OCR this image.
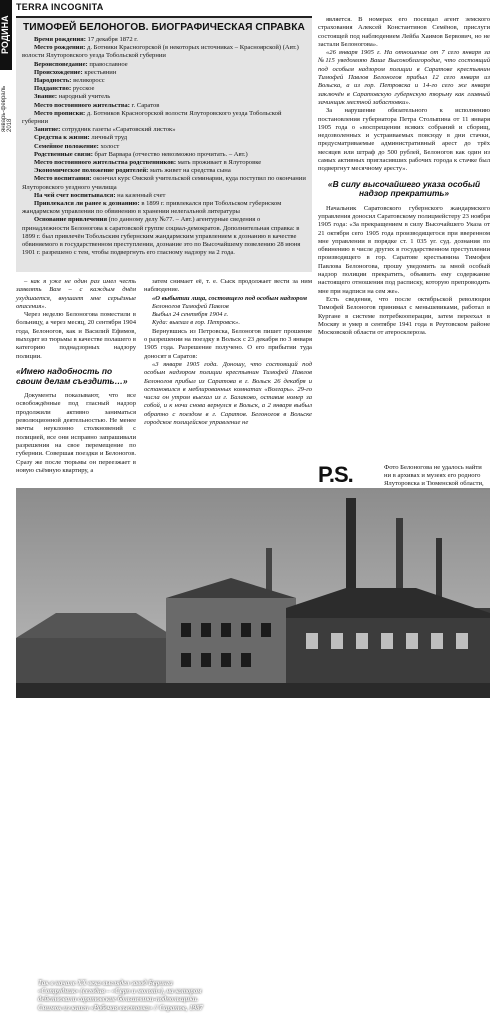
РОДИНА
январь-февраль 2018
TERRA INCOGNITA
ТИМОФЕЙ БЕЛОНОГОВ. БИОГРАФИЧЕСКАЯ СПРАВКА

Время рождения: 17 декабря 1872 г.

Место рождения: д. Ботники Красногорской (в некоторых источниках – Красноярской) (Авт.) волости Ялуторовского уезда Тобольской губернии

Вероисповедание: православное

Происхождение: крестьянин

Народность: великоросс

Подданство: русское

Звание: народный учитель

Место постоянного жительства: г. Саратов

Место прописки: д. Ботников Красногорской волости Ялуторовского уезда Тобольской губернии

Занятие: сотрудник газеты «Саратовский листок»

Средства к жизни: личный труд

Семейное положение: холост

Родственные связи: брат Варвара (отчество невозможно прочитать. – Авт.)

Место постоянного жительства родственников: мать проживает в Ялуторовке

Экономическое положение родителей: мать живет на средства сына

Место воспитания: окончил курс Омской учительской семинарии, куда поступил по окончании Ялуторовского уездного училища

На чей счет воспитывался: на казенный счет

Привлекался ли ранее к дознанию: в 1899 г. привлекался при Тобольском губернском жандармском управлении по обвинению в хранении нелегальной литературы

Основание привлечения (по данному делу №77. – Авт.) агентурные сведения о принадлежности Белоногова к саратовской группе социал-демократов. Дополнительная справка: в 1899 г. был привлечён Тобольским губернским жандармским управлением к дознанию в качестве обвиняемого в государственном преступлении, дознание это по Высочайшему повелению 28 июня 1901 г. разрешено с тем, чтобы подвергнуть его гласному надзору на 2 года.

является. В номерах его посещал агент земского страхования Алексей Константинов Семёнов, прислуги состоящей под наблюдением Лейба Хаимов Бервович, но не застали Белоногова».

«26 января 1905 г. На отношение от 7 сего января за №115 уведомляю Ваше Высокоблагородие, что состоящий под особым надзором полиции в Саратове крестьянин Тимофей Павлов Белоногов прибыл 12 сего января из Вольска, а из гор. Петровска и 14-го сего же января заключён в Саратовскую губернскую тюрьму как главный зачинщик местной забастовки».

За нарушение обязательного к исполнению постановления губернатора Петра Столыпина от 11 января 1905 года о «воспрещении всяких собраний и сборищ, недозволенных и устраиваемых повсюду в дни стачки, предусматриваемые административный арест до трёх месяцев или штраф до 500 рублей, Белоногов как один из самых активных пригласивших рабочих города к стачке был подвергнут месячному аресту».

«В силу высочайшего указа особый надзор прекратить»

Начальник Саратовского губернского жандармского управления доносил Саратовскому полицмейстеру 23 ноября 1905 года: «За прекращением в силу Высочайшего Указа от 21 октября сего 1905 года производящегося при вверенном мне управлении в порядке ст. 1 035 уг. суд. дознания по обвинению в числе других в государственном преступлении производящего в гор. Саратове крестьянина Тимофея Павлова Белоногова, прошу уведомить за мной особый надзор полиции прекратить, объявить ему содержание настоящего отношения под расписку, которую препроводить мне при надписи на сем же».

Есть сведения, что после октябрьской революции Тимофей Белоногов принимал с меньшевиками, работал в Кургане в системе потребкооперации, затем переехал в Москву и умер в сентябре 1941 года в Реутовском районе Московской области от атеросклероза.

– как я уже не один раз имел честь заявлять Вам – с каждым днём ухудшается, внушает мне серьёзные опасения».

Через неделю Белоногова поместили в больницу, а через месяц, 20 сентября 1904 года, Белоногов, как и Василий Ефимов, выходит из тюрьмы в качестве полашего в категорию поднадзорных надзору полиции.

«Имею надобность по своим делам съездить…»

Документы показывают, что все освобождённые под гласный надзор продолжили активно заниматься революционной деятельностью. Не менее мечты неуклонно столкновений с полицией, все они исправно запрашивали разрешения на свое перемещение по губернии. Совершая поездки и Белоногов. Сразу же после тюрьмы он переезжает в новую съёмную квартиру, а

затем снимает её, т. е. Сыск продолжает вести за ним наблюдение.

«О выбытии лица, состоящего под особым надзором

Белоногов Тимофей Павлов

Выбыл 24 сентября 1904 г.

Куда: выехал в гор. Петровск».

Вернувшись из Петровска, Белоногов пишет прошение о разрешении на поездку в Вольск с 23 декабря по 3 января 1905 года. Разрешение получено. О его прибытии туда доносят в Саратов:

«3 января 1905 года. Доношу, что состоящий под особым надзором полиции крестьянин Тимофей Павлов Белоногов прибыл из Саратова в г. Вольск 26 декабря и остановился в меблированных комнатах «Волгарь». 29-го числа он утром выехал из г. Балаково, оставив номер за собой, и к ночи снова вернулся в Вольск, а 2 января выбыл обратно с поездом в г. Саратов. Белоногов в Вольске городское полицейское управление не

P.S.	Фото Белоногова не удалось найти ни в архивах и музеях его родного Ялуторовска и Тюменской области,
Так в начале XX века выглядел завод Беринга «Сотрудник» (сегодня – «Серп и молот»), на котором действовали саратовские большевики-подпольщики. Снимок из книги «Рабочая выставка» // Саратов, 1987
